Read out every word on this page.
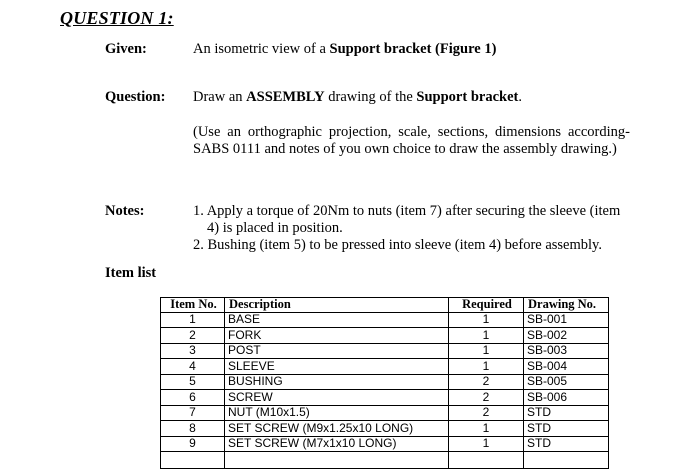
QUESTION 1:
Given:	An isometric view of a Support bracket (Figure 1)
Question: Draw an ASSEMBLY drawing of the Support bracket.
(Use an orthographic projection, scale, sections, dimensions according- SABS 0111 and notes of you own choice to draw the assembly drawing.)
Notes:	1. Apply a torque of 20Nm to nuts (item 7) after securing the sleeve (item 4) is placed in position.
2. Bushing (item 5) to be pressed into sleeve (item 4) before assembly.
Item list
Item No.	Description	Required	Drawing No.
1	BASE	1	SB-001
2	FORK	1	SB-002
3	POST	1	SB-003
4	SLEEVE	1	SB-004
5	BUSHING	2	SB-005
6	SCREW	2	SB-006
7	NUT (M10x1.5)	2	STD
8	SET SCREW (M9x1.25x10 LONG)	1	STD
9	SET SCREW (M7x1x10 LONG)	1	STD
